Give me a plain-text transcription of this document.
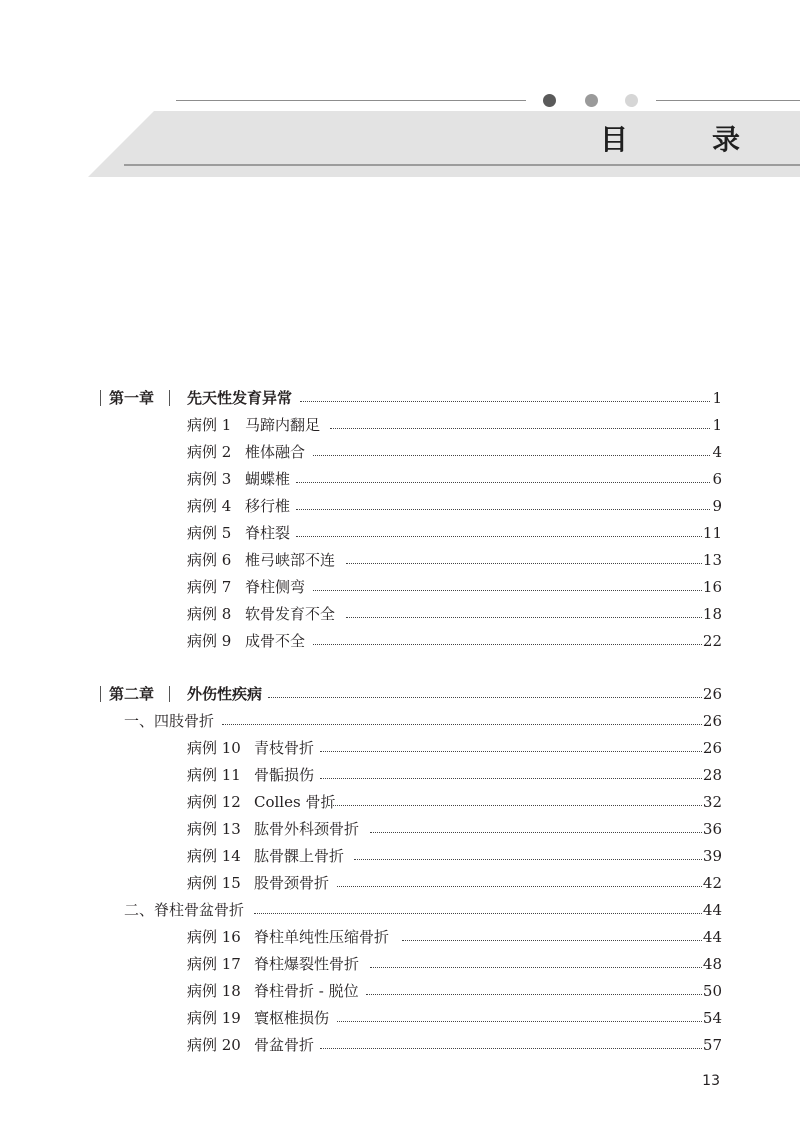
目	录
第一章 先天性发育异常	1
病例 1 马蹄内翻足	1
病例 2 椎体融合	4
病例 3 蝴蝶椎	6
病例 4 移行椎	9
病例 5 脊柱裂	11
病例 6 椎弓峡部不连	13
病例 7 脊柱侧弯	16
病例 8 软骨发育不全	18
病例 9 成骨不全	22
第二章 外伤性疾病	26
一、四肢骨折	26
病例 10 青枝骨折	26
病例 11 骨骺损伤	28
病例 12 Colles 骨折	32
病例 13 肱骨外科颈骨折	36
病例 14 肱骨髁上骨折	39
病例 15 股骨颈骨折	42
二、脊柱骨盆骨折	44
病例 16 脊柱单纯性压缩骨折	44
病例 17 脊柱爆裂性骨折	48
病例 18 脊柱骨折 - 脱位	50
病例 19 寰枢椎损伤	54
病例 20 骨盆骨折	57
13
